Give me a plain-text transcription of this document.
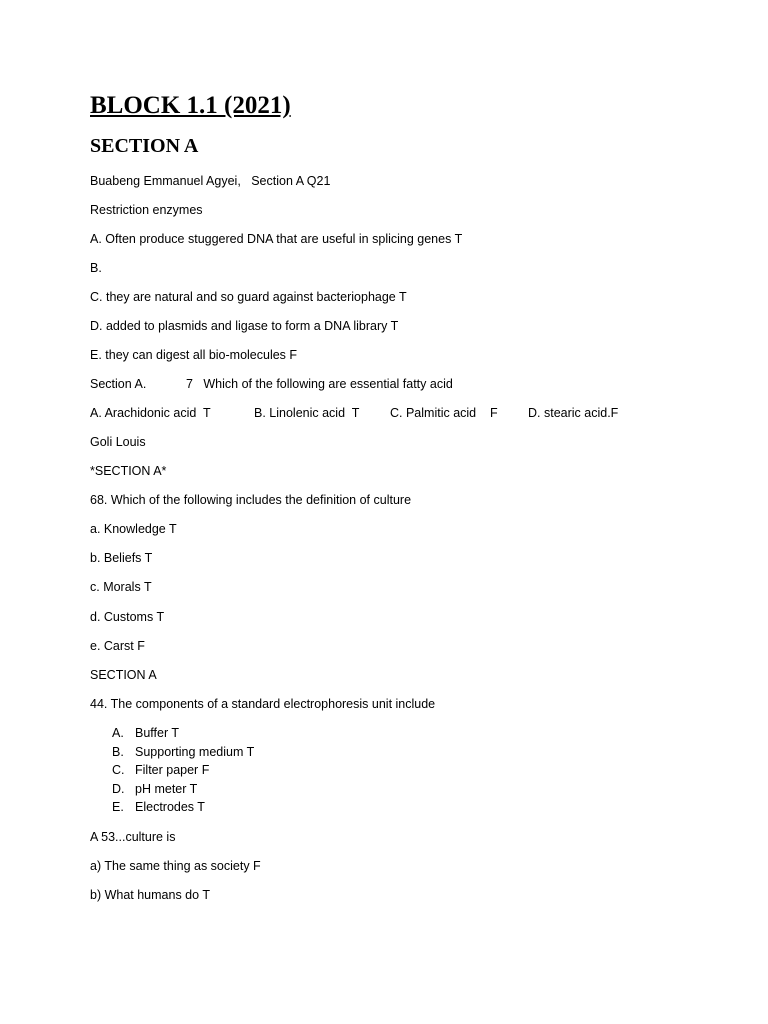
BLOCK 1.1 (2021)
SECTION A

Buabeng Emmanuel Agyei,   Section A Q21

Restriction enzymes

A. Often produce stuggered DNA that are useful in splicing genes T

B.

C. they are natural and so guard against bacteriophage T

D. added to plasmids and ligase to form a DNA library T

E. they can digest all bio-molecules F

Section A.

	7   Which of the following are essential fatty acid

A. Arachidonic acid  T

	B. Linolenic acid  T

C. Palmitic acid    F

D. stearic acid.F

Goli Louis

*SECTION A*

68. Which of the following includes the definition of culture

a. Knowledge T

b. Beliefs T

c. Morals T

d. Customs T

e. Carst F

SECTION A

44. The components of a standard electrophoresis unit include

A. Buffer T
B. Supporting medium T
C. Filter paper F
D. pH meter T
E. Electrodes T

A 53...culture is

a) The same thing as society F

b) What humans do T
